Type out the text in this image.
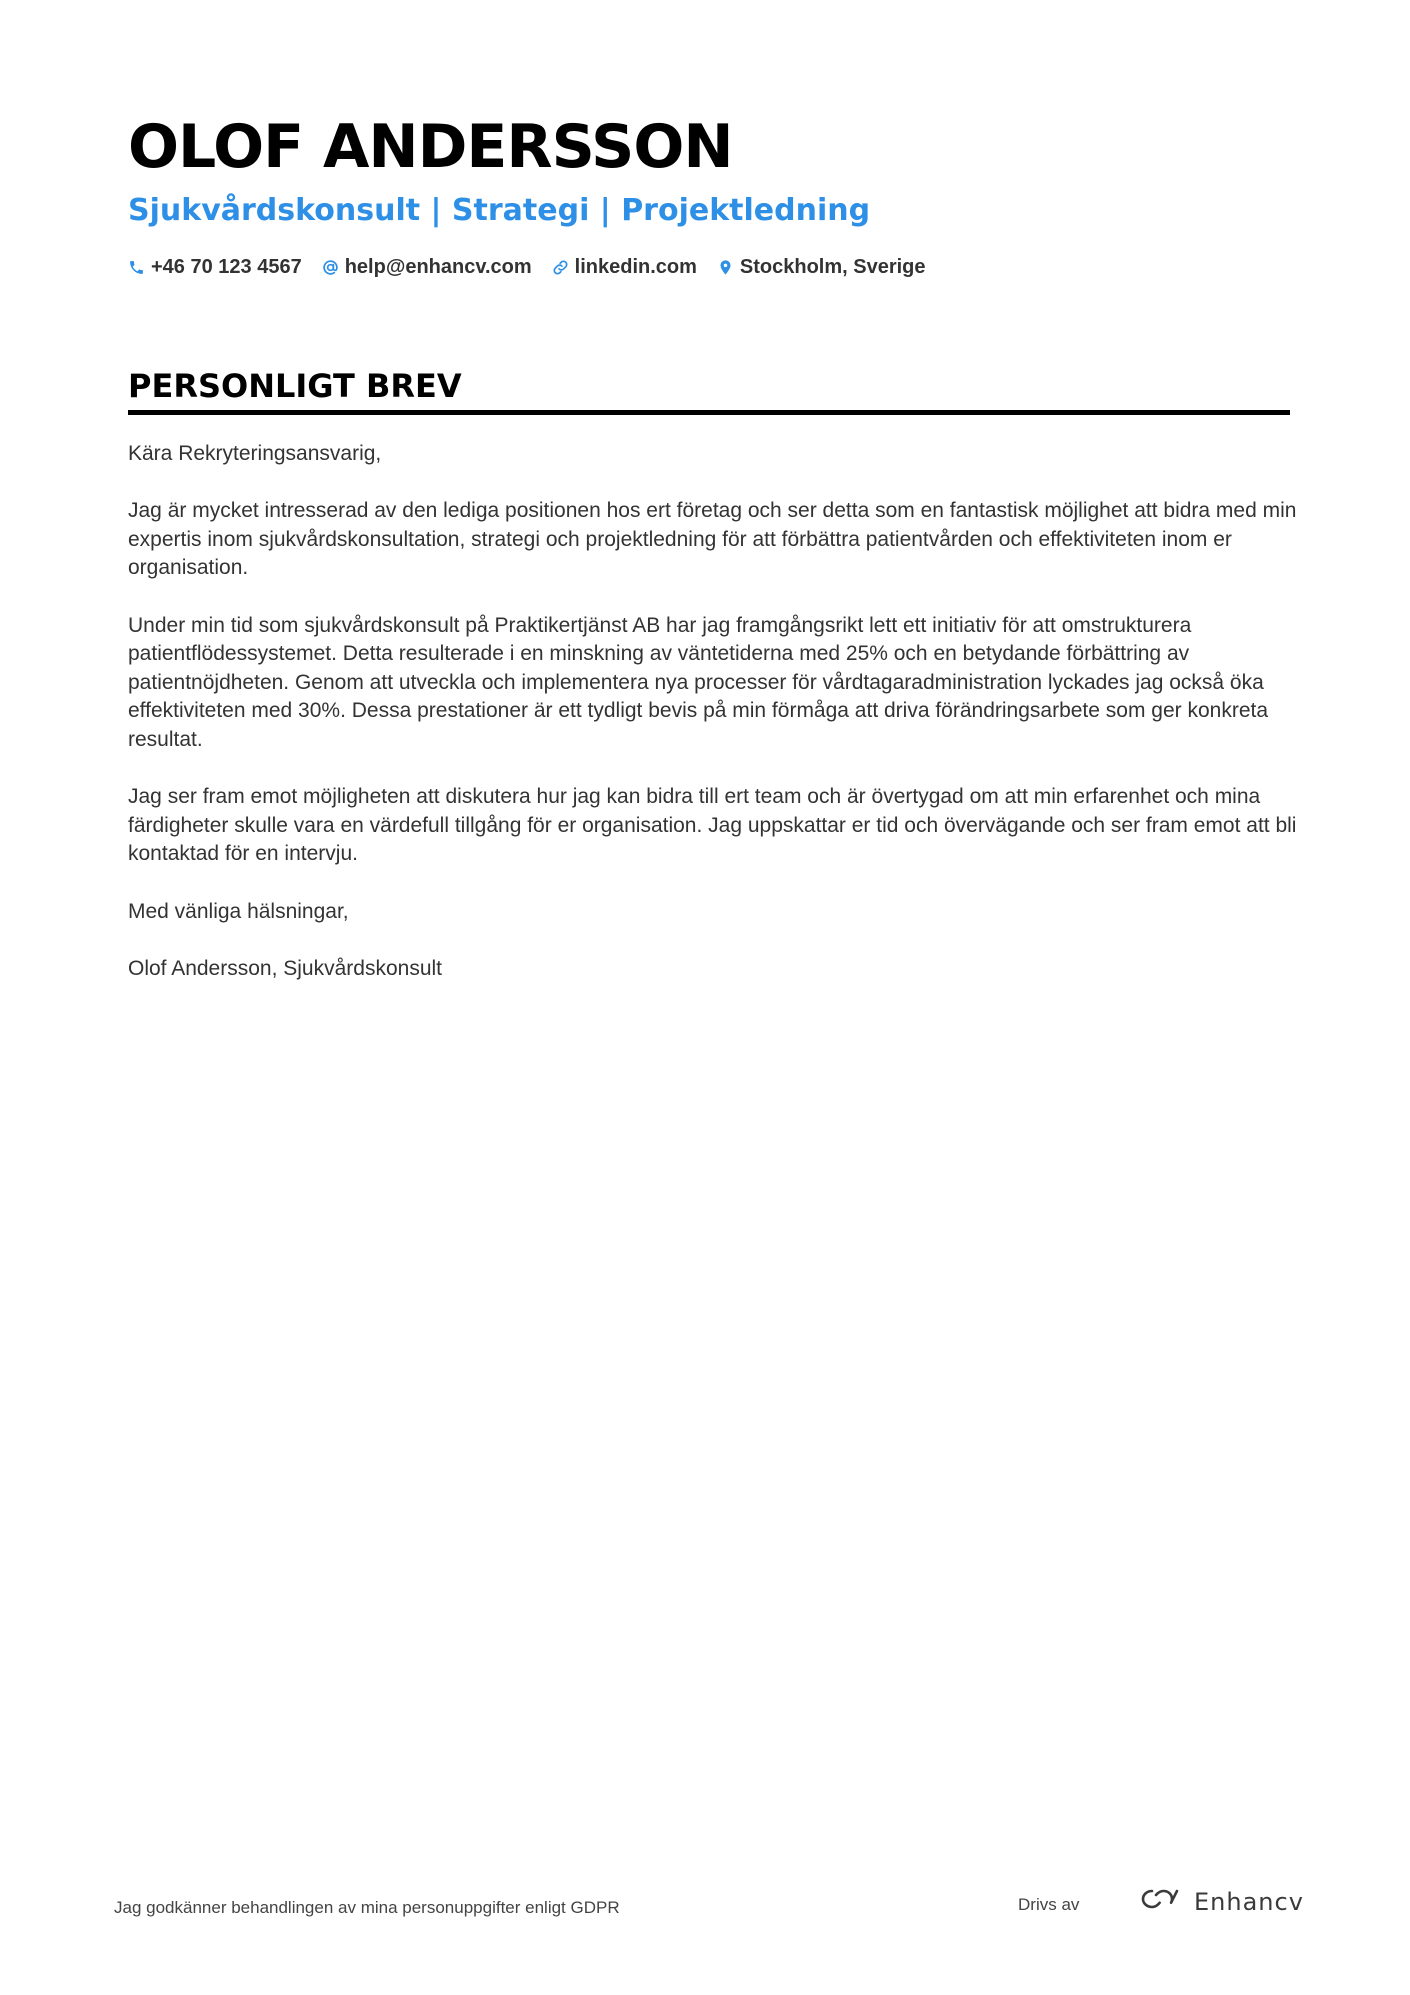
OLOF ANDERSSON
Sjukvårdskonsult | Strategi | Projektledning
+46 70 123 4567 help@enhancv.com linkedin.com Stockholm, Sverige
PERSONLIGT BREV

Kära Rekryteringsansvarig,

Jag är mycket intresserad av den lediga positionen hos ert företag och ser detta som en fantastisk möjlighet att bidra med min expertis inom sjukvårdskonsultation, strategi och projektledning för att förbättra patientvården och effektiviteten inom er organisation.

Under min tid som sjukvårdskonsult på Praktikertjänst AB har jag framgångsrikt lett ett initiativ för att omstrukturera patientflödessystemet. Detta resulterade i en minskning av väntetiderna med 25% och en betydande förbättring av patientnöjdheten. Genom att utveckla och implementera nya processer för vårdtagaradministration lyckades jag också öka effektiviteten med 30%. Dessa prestationer är ett tydligt bevis på min förmåga att driva förändringsarbete som ger konkreta resultat.

Jag ser fram emot möjligheten att diskutera hur jag kan bidra till ert team och är övertygad om att min erfarenhet och mina färdigheter skulle vara en värdefull tillgång för er organisation. Jag uppskattar er tid och övervägande och ser fram emot att bli kontaktad för en intervju.

Med vänliga hälsningar,

Olof Andersson, Sjukvårdskonsult

Jag godkänner behandlingen av mina personuppgifter enligt GDPR	Drivs av	Enhancv
